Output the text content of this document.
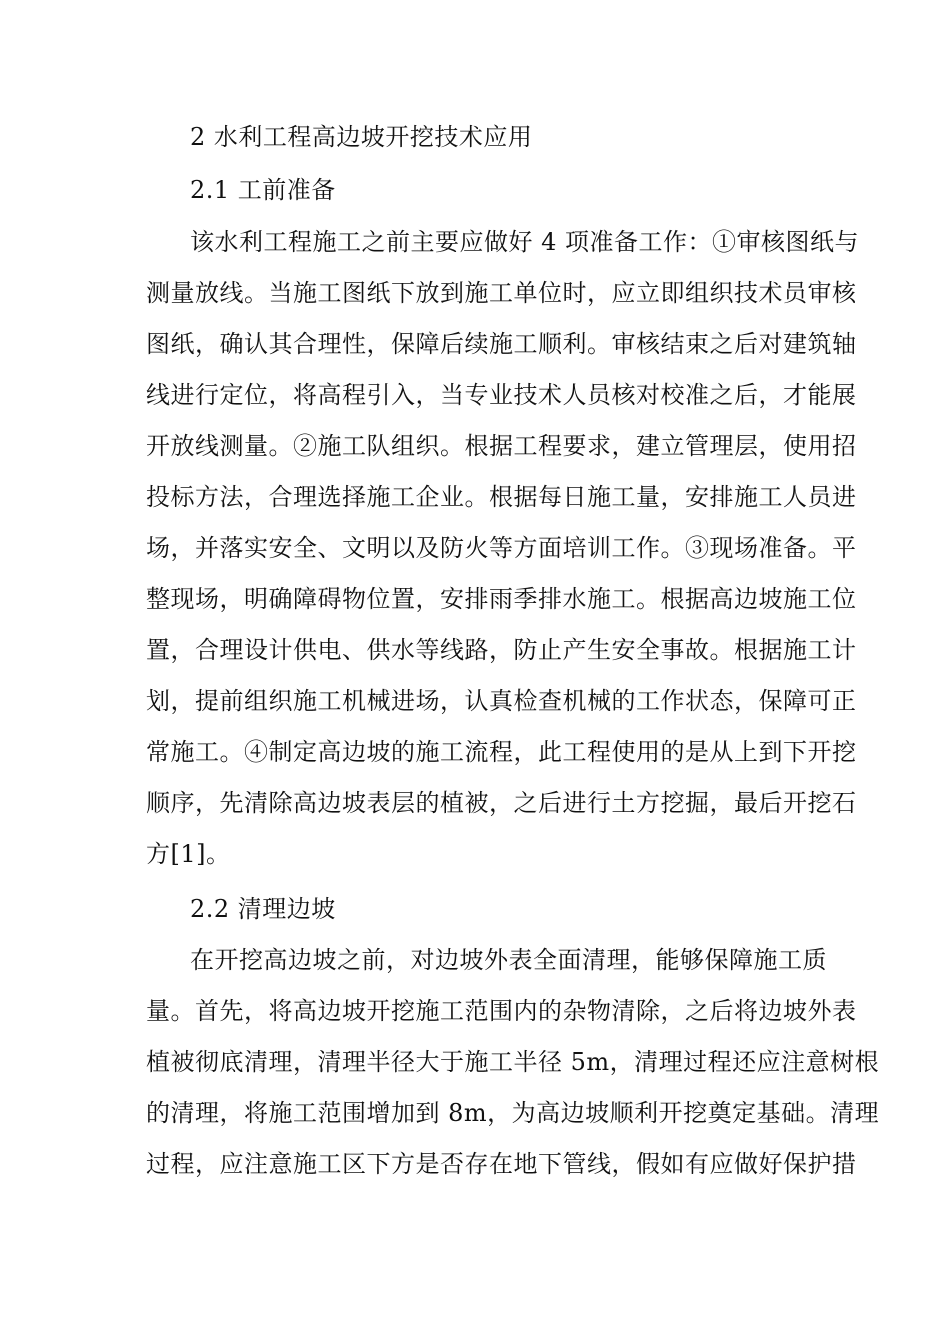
2 水利工程高边坡开挖技术应用
2.1 工前准备
该水利工程施工之前主要应做好 4 项准备工作：①审核图纸与
测量放线。当施工图纸下放到施工单位时，应立即组织技术员审核
图纸，确认其合理性，保障后续施工顺利。审核结束之后对建筑轴
线进行定位，将高程引入，当专业技术人员核对校准之后，才能展
开放线测量。②施工队组织。根据工程要求，建立管理层，使用招
投标方法，合理选择施工企业。根据每日施工量，安排施工人员进
场，并落实安全、文明以及防火等方面培训工作。③现场准备。平
整现场，明确障碍物位置，安排雨季排水施工。根据高边坡施工位
置，合理设计供电、供水等线路，防止产生安全事故。根据施工计
划，提前组织施工机械进场，认真检查机械的工作状态，保障可正
常施工。④制定高边坡的施工流程，此工程使用的是从上到下开挖
顺序，先清除高边坡表层的植被，之后进行土方挖掘，最后开挖石
方[1]。
2.2 清理边坡
在开挖高边坡之前，对边坡外表全面清理，能够保障施工质
量。首先，将高边坡开挖施工范围内的杂物清除，之后将边坡外表
植被彻底清理，清理半径大于施工半径 5m，清理过程还应注意树根
的清理，将施工范围增加到 8m，为高边坡顺利开挖奠定基础。清理
过程，应注意施工区下方是否存在地下管线，假如有应做好保护措
